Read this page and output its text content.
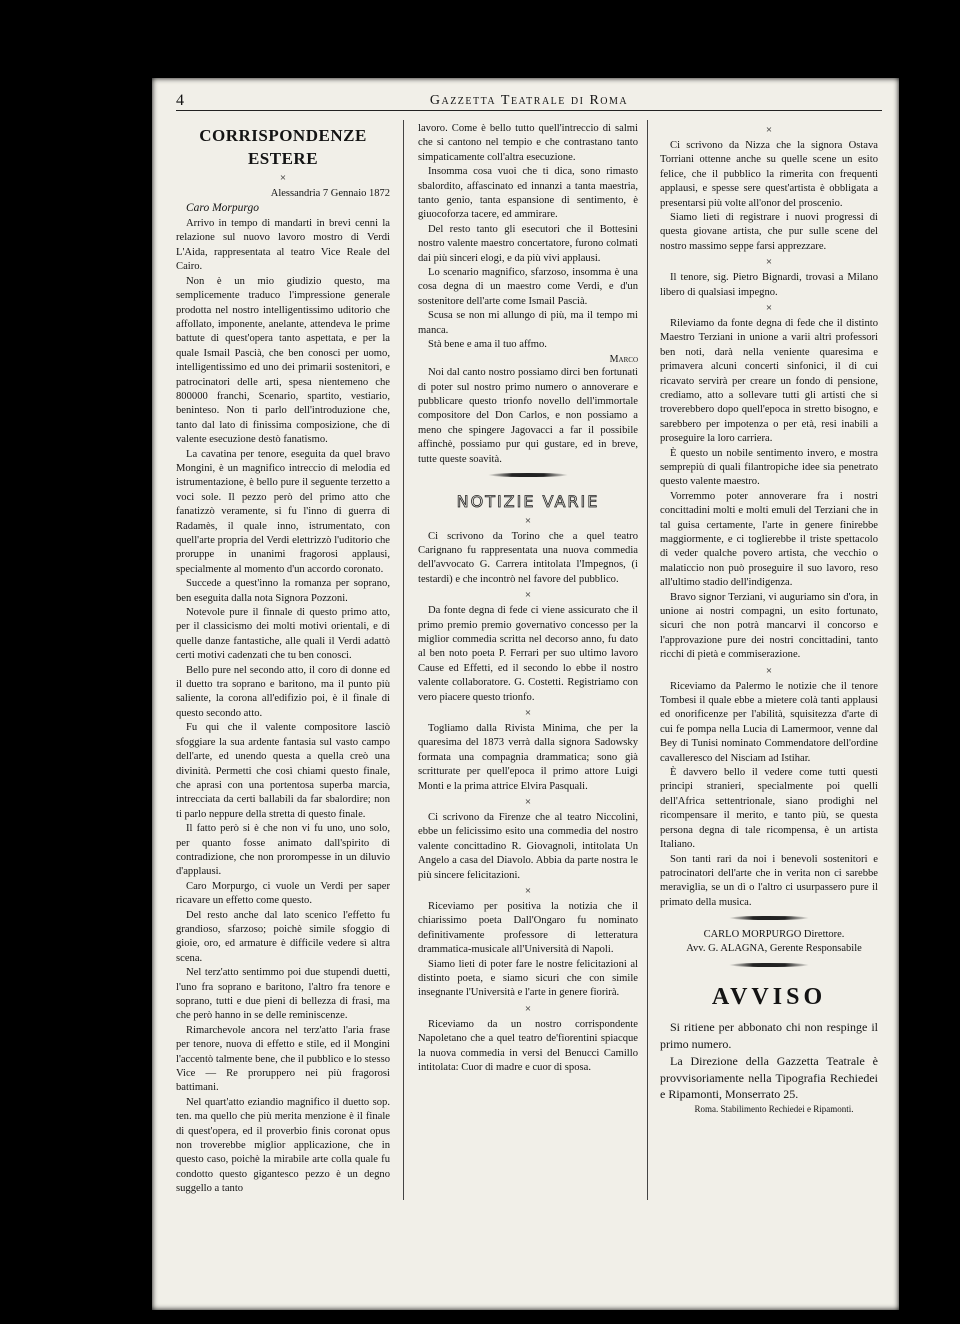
4	Gazzetta Teatrale di Roma
CORRISPONDENZE ESTERE
×

Alessandria 7 Gennaio 1872

Caro Morpurgo

Arrivo in tempo di mandarti in brevi cenni la relazione sul nuovo lavoro mostro di Verdi L'Aida, rappresentata al teatro Vice Reale del Cairo.

Non è un mio giudizio questo, ma semplicemente traduco l'impressione generale prodotta nel nostro intelligentissimo uditorio che affollato, imponente, anelante, attendeva le prime battute di quest'opera tanto aspettata, e per la quale Ismail Pascià, che ben conosci per uomo, intelligentissimo ed uno dei primarii sostenitori, e patrocinatori delle arti, spesa nientemeno che 800000 franchi, Scenario, spartito, vestiario, beninteso. Non ti parlo dell'introduzione che, tanto dal lato di finissima composizione, che di valente esecuzione destò fanatismo.

La cavatina per tenore, eseguita da quel bravo Mongini, è un magnifico intreccio di melodia ed istrumentazione, è bello pure il seguente terzetto a voci sole. Il pezzo però del primo atto che fanatizzò veramente, si fu l'inno di guerra di Radamès, il quale inno, istrumentato, con quell'arte propria del Verdi elettrizzò l'uditorio che proruppe in unanimi fragorosi applausi, specialmente al momento d'un accordo coronato.

Succede a quest'inno la romanza per soprano, ben eseguita dalla nota Signora Pozzoni.

Notevole pure il finnale di questo primo atto, per il classicismo dei molti motivi orientali, e di quelle danze fantastiche, alle quali il Verdi adattò certi motivi cadenzati che tu ben conosci.

Bello pure nel secondo atto, il coro di donne ed il duetto tra soprano e baritono, ma il punto più saliente, la corona all'edifizio poi, è il finale di questo secondo atto.

Fu qui che il valente compositore lasciò sfoggiare la sua ardente fantasia sul vasto campo dell'arte, ed unendo questa a quella creò una divinità. Permetti che così chiami questo finale, che aprasi con una portentosa superba marcia, intrecciata da certi ballabili da far sbalordire; non ti parlo neppure della stretta di questo finale.

Il fatto però si è che non vi fu uno, uno solo, per quanto fosse animato dall'spirito di contradizione, che non prorompesse in un diluvio d'applausi.

Caro Morpurgo, ci vuole un Verdi per saper ricavare un effetto come questo.

Del resto anche dal lato scenico l'effetto fu grandioso, sfarzoso; poichè simile sfoggio di gioie, oro, ed armature è difficile vedere sì altra scena.

Nel terz'atto sentimmo poi due stupendi duetti, l'uno fra soprano e baritono, l'altro fra tenore e soprano, tutti e due pieni di bellezza di frasi, ma che però hanno in se delle reminiscenze.

Rimarchevole ancora nel terz'atto l'aria frase per tenore, nuova di effetto e stile, ed il Mongini l'accentò talmente bene, che il pubblico e lo stesso Vice — Re proruppero nei più fragorosi battimani.

Nel quart'atto eziandio magnifico il duetto sop. ten. ma quello che più merita menzione è il finale di quest'opera, ed il proverbio finis coronat opus non troverebbe miglior applicazione, che in questo caso, poichè la mirabile arte colla quale fu condotto questo gigantesco pezzo è un degno suggello a tanto

lavoro. Come è bello tutto quell'intreccio di salmi che si cantono nel tempio e che contrastano tanto simpaticamente coll'altra esecuzione.

Insomma cosa vuoi che ti dica, sono rimasto sbalordito, affascinato ed innanzi a tanta maestria, tanto genio, tanta espansione di sentimento, è giuocoforza tacere, ed ammirare.

Del resto tanto gli esecutori che il Bottesini nostro valente maestro concertatore, furono colmati dai più sinceri elogi, e da più vivi applausi.

Lo scenario magnifico, sfarzoso, insomma è una cosa degna di un maestro come Verdi, e d'un sostenitore dell'arte come Ismail Pascià.

Scusa se non mi allungo di più, ma il tempo mi manca.

Stà bene e ama il tuo affmo.

Marco

Noi dal canto nostro possiamo dirci ben fortunati di poter sul nostro primo numero o annoverare e pubblicare questo trionfo novello dell'immortale compositore del Don Carlos, e non possiamo a meno che spingere Jagovacci a far il possibile affinchè, possiamo pur qui gustare, ed in breve, tutte queste soavità.

NOTIZIE VARIE
×

Ci scrivono da Torino che a quel teatro Carignano fu rappresentata una nuova commedia dell'avvocato G. Carrera intitolata l'Impegnos, (i testardi) e che incontrò nel favore del pubblico.

×

Da fonte degna di fede ci viene assicurato che il primo premio premio governativo concesso per la miglior commedia scritta nel decorso anno, fu dato al ben noto poeta P. Ferrari per suo ultimo lavoro Cause ed Effetti, ed il secondo lo ebbe il nostro valente collaboratore. G. Costetti. Registriamo con vero piacere questo trionfo.

×

Togliamo dalla Rivista Minima, che per la quaresima del 1873 verrà dalla signora Sadowsky formata una compagnia drammatica; sono già scritturate per quell'epoca il primo attore Luigi Monti e la prima attrice Elvira Pasquali.

×

Ci scrivono da Firenze che al teatro Niccolini, ebbe un felicissimo esito una commedia del nostro valente concittadino R. Giovagnoli, intitolata Un Angelo a casa del Diavolo. Abbia da parte nostra le più sincere felicitazioni.

×

Riceviamo per positiva la notizia che il chiarissimo poeta Dall'Ongaro fu nominato definitivamente professore di letteratura drammatica-musicale all'Università di Napoli.

Siamo lieti di poter fare le nostre felicitazioni al distinto poeta, e siamo sicuri che con simile insegnante l'Università e l'arte in genere fiorirà.

×

Riceviamo da un nostro corrispondente Napoletano che a quel teatro de'fiorentini spiacque la nuova commedia in versi del Benucci Camillo intitolata: Cuor di madre e cuor di sposa.

×

Ci scrivono da Nizza che la signora Ostava Torriani ottenne anche su quelle scene un esito felice, che il pubblico la rimerita con frequenti applausi, e spesse sere quest'artista è obbligata a presentarsi più volte all'onor del proscenio.

Siamo lieti di registrare i nuovi progressi di questa giovane artista, che pur sulle scene del nostro massimo seppe farsi apprezzare.

×

Il tenore, sig. Pietro Bignardi, trovasi a Milano libero di qualsiasi impegno.

×

Rileviamo da fonte degna di fede che il distinto Maestro Terziani in unione a varii altri professori ben noti, darà nella veniente quaresima e primavera alcuni concerti sinfonici, il di cui ricavato servirà per creare un fondo di pensione, crediamo, atto a sollevare tutti gli artisti che si troverebbero dopo quell'epoca in stretto bisogno, e sarebbero per impotenza o per età, resi inabili a proseguire la loro carriera.

È questo un nobile sentimento invero, e mostra semprepiù di quali filantropiche idee sia penetrato questo valente maestro.

Vorremmo poter annoverare fra i nostri concittadini molti e molti emuli del Terziani che in tal guisa certamente, l'arte in genere finirebbe maggiormente, e ci toglierebbe il triste spettacolo di veder qualche povero artista, che vecchio o malaticcio non può proseguire il suo lavoro, reso all'ultimo stadio dell'indigenza.

Bravo signor Terziani, vi auguriamo sin d'ora, in unione ai nostri compagni, un esito fortunato, sicuri che non potrà mancarvi il concorso e l'approvazione pure dei nostri concittadini, tanto ricchi di pietà e commiserazione.

×

Riceviamo da Palermo le notizie che il tenore Tombesi il quale ebbe a mietere colà tanti applausi ed onorificenze per l'abilità, squisitezza d'arte di cui fe pompa nella Lucia di Lamermoor, venne dal Bey di Tunisi nominato Commendatore dell'ordine cavalleresco del Nisciam ad Istihar.

È davvero bello il vedere come tutti questi principi stranieri, specialmente poi quelli dell'Africa settentrionale, siano prodighi nel ricompensare il merito, e tanto più, se questa persona degna di tale ricompensa, è un artista Italiano.

Son tanti rari da noi i benevoli sostenitori e patrocinatori dell'arte che in verita non ci sarebbe meraviglia, se un dì o l'altro ci usurpassero pure il primato della musica.

CARLO MORPURGO Direttore.

Avv. G. ALAGNA, Gerente Responsabile

AVVISO

Si ritiene per abbonato chi non respinge il primo numero.

La Direzione della Gazzetta Teatrale è provvisoriamente nella Tipografia Rechiedei e Ripamonti, Monserrato 25.

Roma. Stabilimento Rechiedei e Ripamonti.
